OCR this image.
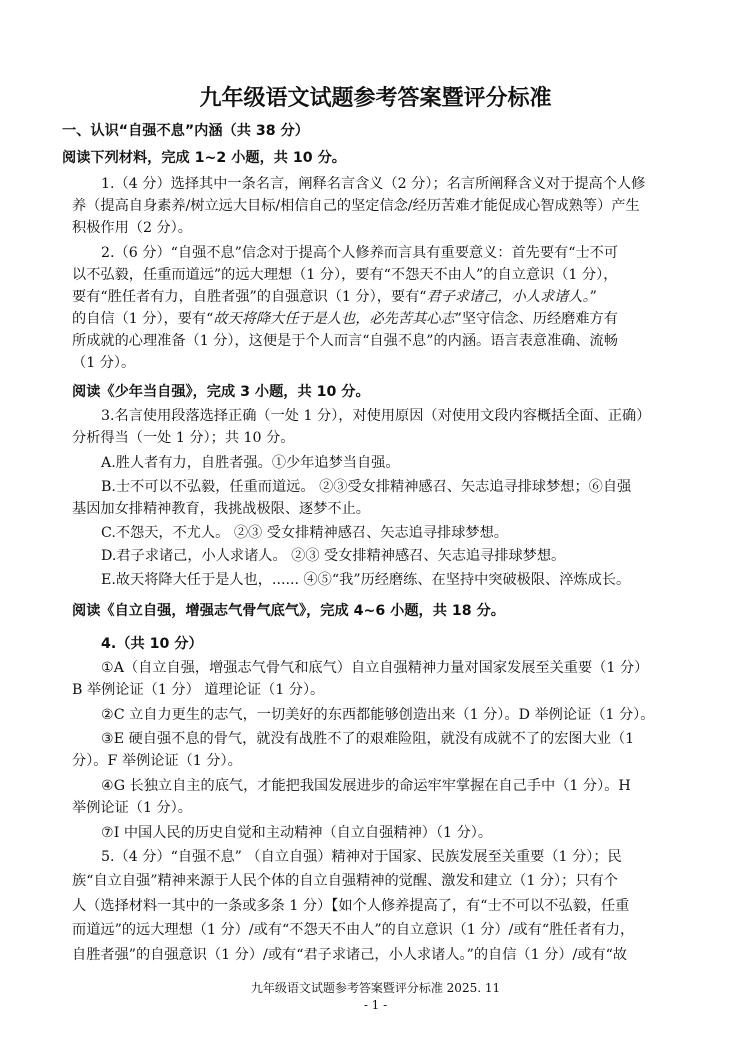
九年级语文试题参考答案暨评分标准
一、认识“自强不息”内涵（共 38 分）
阅读下列材料，完成 1~2 小题，共 10 分。
1.（4 分）选择其中一条名言，阐释名言含义（2 分）；名言所阐释含义对于提高个人修
养（提高自身素养/树立远大目标/相信自己的坚定信念/经历苦难才能促成心智成熟等）产生
积极作用（2 分）。
2.（6 分）“自强不息”信念对于提高个人修养而言具有重要意义：首先要有“士不可
以不弘毅，任重而道远”的远大理想（1 分），要有“不怨天不由人”的自立意识（1 分），
要有“胜任者有力，自胜者强”的自强意识（1 分），要有“君子求诸己，小人求诸人。”
的自信（1 分），要有“故天将降大任于是人也，必先苦其心志”坚守信念、历经磨难方有
所成就的心理准备（1 分），这便是于个人而言“自强不息”的内涵。语言表意准确、流畅
（1 分）。
阅读《少年当自强》，完成 3 小题，共 10 分。
3.名言使用段落选择正确（一处 1 分），对使用原因（对使用文段内容概括全面、正确）
分析得当（一处 1 分）；共 10 分。
A.胜人者有力，自胜者强。①少年追梦当自强。
B.士不可以不弘毅，任重而道远。 ②③受女排精神感召、矢志追寻排球梦想；⑥自强
基因加女排精神教育，我挑战极限、逐梦不止。
C.不怨天，不尤人。 ②③ 受女排精神感召、矢志追寻排球梦想。
D.君子求诸己，小人求诸人。 ②③ 受女排精神感召、矢志追寻排球梦想。
E.故天将降大任于是人也，...... ④⑤“我”历经磨练、在坚持中突破极限、淬炼成长。
阅读《自立自强，增强志气骨气底气》，完成 4~6 小题，共 18 分。
4.（共 10 分）
①A（自立自强，增强志气骨气和底气）自立自强精神力量对国家发展至关重要（1 分）
B 举例论证（1 分） 道理论证（1 分）。
②C 立自力更生的志气，一切美好的东西都能够创造出来（1 分）。D 举例论证（1 分）。
③E 硬自强不息的骨气，就没有战胜不了的艰难险阻，就没有成就不了的宏图大业（1
分）。F 举例论证（1 分）。
④G 长独立自主的底气，才能把我国发展进步的命运牢牢掌握在自己手中（1 分）。H
举例论证（1 分）。
⑦I 中国人民的历史自觉和主动精神（自立自强精神）（1 分）。
5.（4 分）“自强不息” （自立自强）精神对于国家、民族发展至关重要（1 分）；民
族“自立自强”精神来源于人民个体的自立自强精神的觉醒、激发和建立（1 分）；只有个
人（选择材料一其中的一条或多条 1 分）【如个人修养提高了，有“士不可以不弘毅，任重
而道远”的远大理想（1 分）/或有“不怨天不由人”的自立意识（1 分）/或有“胜任者有力，
自胜者强”的自强意识（1 分）/或有“君子求诸己，小人求诸人。”的自信（1 分）/或有“故
九年级语文试题参考答案暨评分标准 2025. 11
- 1 -
